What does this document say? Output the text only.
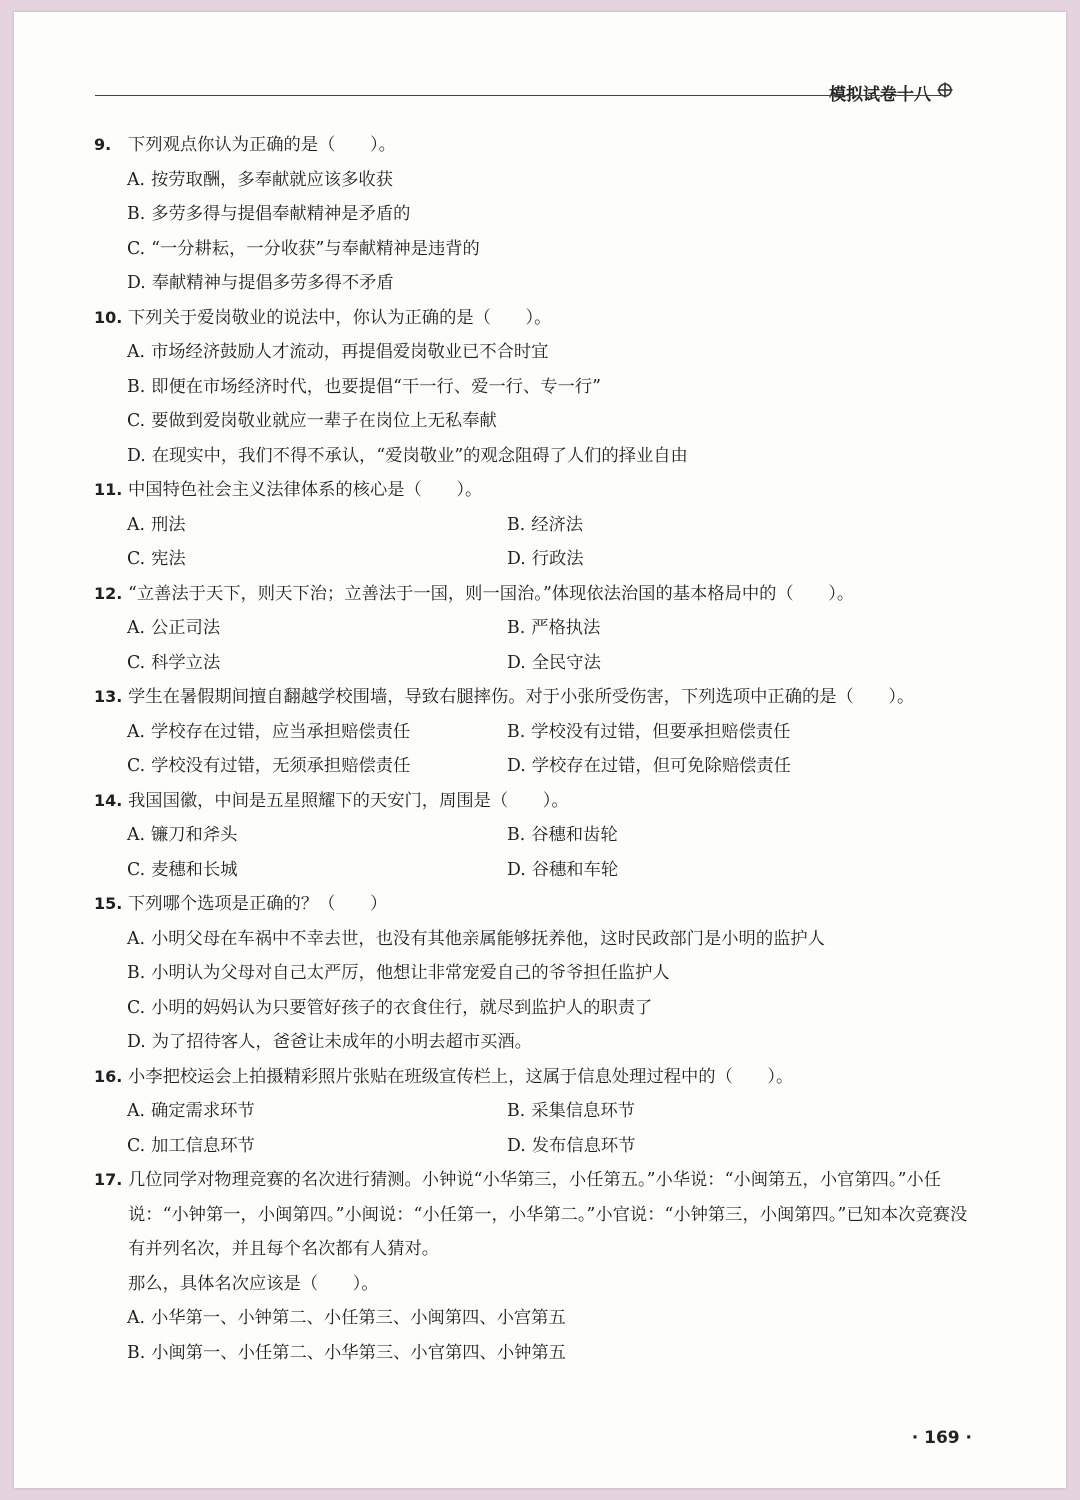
模拟试卷十八
9. 下列观点你认为正确的是（　　）。
A. 按劳取酬，多奉献就应该多收获
B. 多劳多得与提倡奉献精神是矛盾的
C. “一分耕耘，一分收获”与奉献精神是违背的
D. 奉献精神与提倡多劳多得不矛盾
10. 下列关于爱岗敬业的说法中，你认为正确的是（　　）。
A. 市场经济鼓励人才流动，再提倡爱岗敬业已不合时宜
B. 即便在市场经济时代，也要提倡“干一行、爱一行、专一行”
C. 要做到爱岗敬业就应一辈子在岗位上无私奉献
D. 在现实中，我们不得不承认，“爱岗敬业”的观念阻碍了人们的择业自由
11. 中国特色社会主义法律体系的核心是（　　）。
A. 刑法	B. 经济法
C. 宪法	D. 行政法
12. “立善法于天下，则天下治；立善法于一国，则一国治。”体现依法治国的基本格局中的（　　）。
A. 公正司法	B. 严格执法
C. 科学立法	D. 全民守法
13. 学生在暑假期间擅自翻越学校围墙，导致右腿摔伤。对于小张所受伤害，下列选项中正确的是（　　）。
A. 学校存在过错，应当承担赔偿责任	B. 学校没有过错，但要承担赔偿责任
C. 学校没有过错，无须承担赔偿责任	D. 学校存在过错，但可免除赔偿责任
14. 我国国徽，中间是五星照耀下的天安门，周围是（　　）。
A. 镰刀和斧头	B. 谷穗和齿轮
C. 麦穗和长城	D. 谷穗和车轮
15. 下列哪个选项是正确的？（　　）
A. 小明父母在车祸中不幸去世，也没有其他亲属能够抚养他，这时民政部门是小明的监护人
B. 小明认为父母对自己太严厉，他想让非常宠爱自己的爷爷担任监护人
C. 小明的妈妈认为只要管好孩子的衣食住行，就尽到监护人的职责了
D. 为了招待客人，爸爸让未成年的小明去超市买酒。
16. 小李把校运会上拍摄精彩照片张贴在班级宣传栏上，这属于信息处理过程中的（　　）。
A. 确定需求环节	B. 采集信息环节
C. 加工信息环节	D. 发布信息环节
17. 几位同学对物理竞赛的名次进行猜测。小钟说“小华第三，小任第五。”小华说：“小闽第五，小官第四。”小任说：“小钟第一，小闽第四。”小闽说：“小任第一，小华第二。”小官说：“小钟第三，小闽第四。”已知本次竞赛没有并列名次，并且每个名次都有人猜对。
那么，具体名次应该是（　　）。
A. 小华第一、小钟第二、小任第三、小闽第四、小宫第五
B. 小闽第一、小任第二、小华第三、小官第四、小钟第五
· 169 ·
